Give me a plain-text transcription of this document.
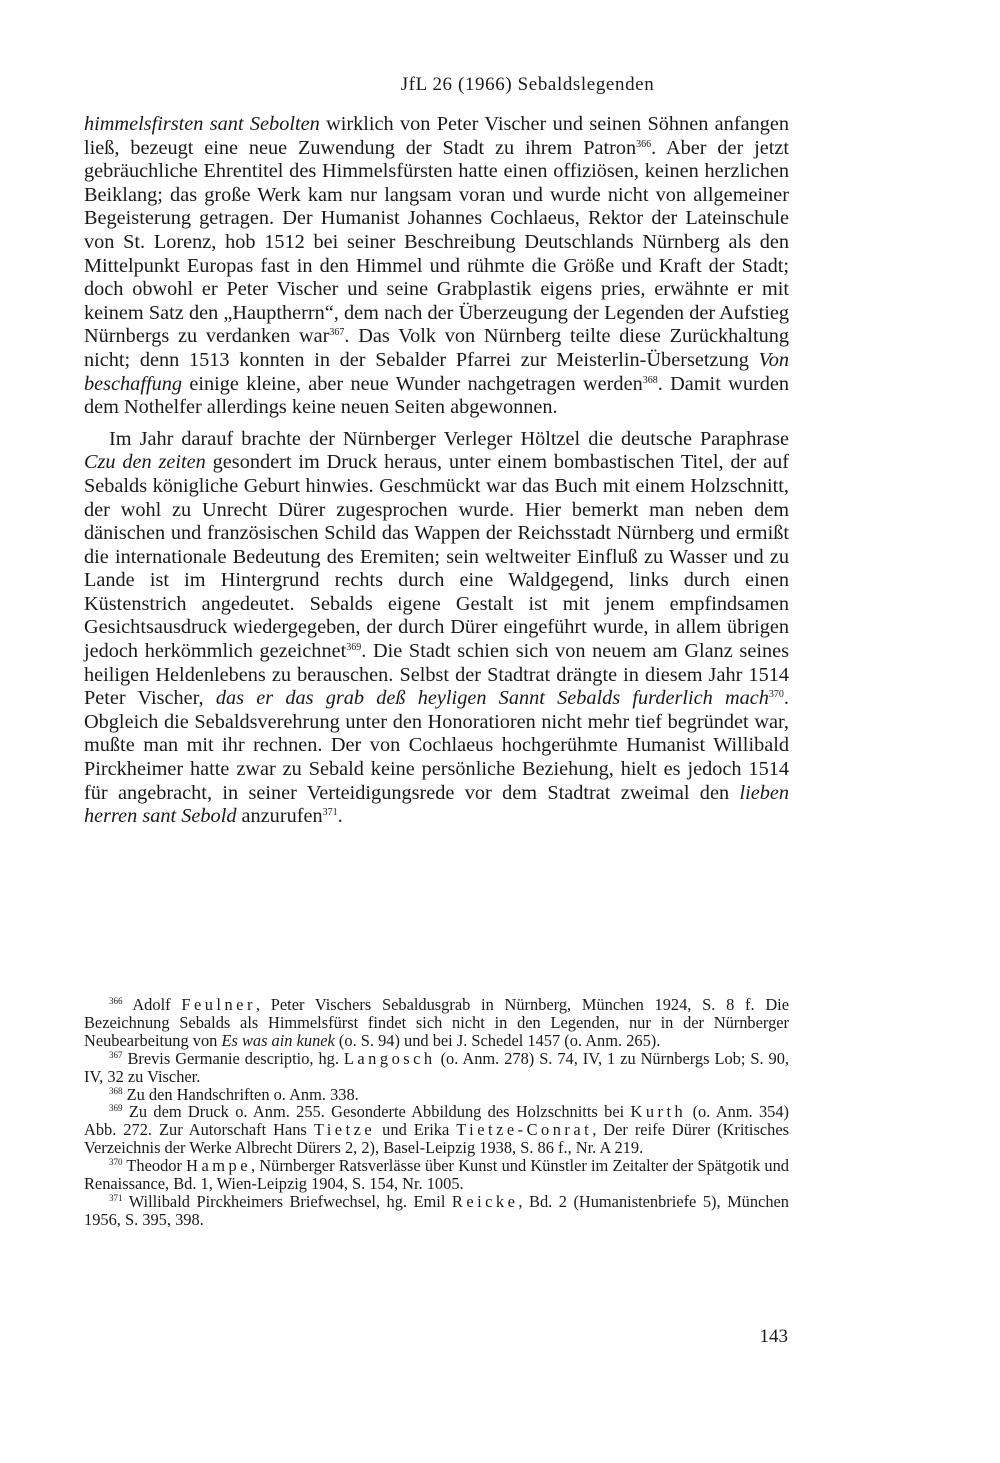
JfL 26 (1966) Sebaldslegenden

himmelsfirsten sant Sebolten wirklich von Peter Vischer und seinen Söhnen anfangen ließ, bezeugt eine neue Zuwendung der Stadt zu ihrem Patron$^{366}$. Aber der jetzt gebräuchliche Ehrentitel des Himmelsfürsten hatte einen offiziösen, keinen herzlichen Beiklang; das große Werk kam nur langsam voran und wurde nicht von allgemeiner Begeisterung getragen. Der Humanist Johannes Cochlaeus, Rektor der Lateinschule von St. Lorenz, hob 1512 bei seiner Beschreibung Deutschlands Nürnberg als den Mittelpunkt Europas fast in den Himmel und rühmte die Größe und Kraft der Stadt; doch obwohl er Peter Vischer und seine Grabplastik eigens pries, erwähnte er mit keinem Satz den „Hauptherrn“, dem nach der Überzeugung der Legenden der Aufstieg Nürnbergs zu verdanken war$^{367}$. Das Volk von Nürnberg teilte diese Zurückhaltung nicht; denn 1513 konnten in der Sebalder Pfarrei zur Meisterlin-Übersetzung Von beschaffung einige kleine, aber neue Wunder nachgetragen werden$^{368}$. Damit wurden dem Nothelfer allerdings keine neuen Seiten abgewonnen.

Im Jahr darauf brachte der Nürnberger Verleger Höltzel die deutsche Paraphrase Czu den zeiten gesondert im Druck heraus, unter einem bombastischen Titel, der auf Sebalds königliche Geburt hinwies. Geschmückt war das Buch mit einem Holzschnitt, der wohl zu Unrecht Dürer zugesprochen wurde. Hier bemerkt man neben dem dänischen und französischen Schild das Wappen der Reichsstadt Nürnberg und ermißt die internationale Bedeutung des Eremiten; sein weltweiter Einfluß zu Wasser und zu Lande ist im Hintergrund rechts durch eine Waldgegend, links durch einen Küstenstrich angedeutet. Sebalds eigene Gestalt ist mit jenem empfindsamen Gesichtsausdruck wiedergegeben, der durch Dürer eingeführt wurde, in allem übrigen jedoch herkömmlich gezeichnet$^{369}$. Die Stadt schien sich von neuem am Glanz seines heiligen Heldenlebens zu berauschen. Selbst der Stadtrat drängte in diesem Jahr 1514 Peter Vischer, das er das grab deß heyligen Sannt Sebalds furderlich mach$^{370}$. Obgleich die Sebaldsverehrung unter den Honoratioren nicht mehr tief begründet war, mußte man mit ihr rechnen. Der von Cochlaeus hochgerühmte Humanist Willibald Pirckheimer hatte zwar zu Sebald keine persönliche Beziehung, hielt es jedoch 1514 für angebracht, in seiner Verteidigungsrede vor dem Stadtrat zweimal den lieben herren sant Sebold anzurufen$^{371}$.

$^{366}$ Adolf Feulner, Peter Vischers Sebaldusgrab in Nürnberg, München 1924, S. 8 f. Die Bezeichnung Sebalds als Himmelsfürst findet sich nicht in den Legenden, nur in der Nürnberger Neubearbeitung von Es was ain kunek (o. S. 94) und bei J. Schedel 1457 (o. Anm. 265).

$^{367}$ Brevis Germanie descriptio, hg. Langosch (o. Anm. 278) S. 74, IV, 1 zu Nürnbergs Lob; S. 90, IV, 32 zu Vischer.

$^{368}$ Zu den Handschriften o. Anm. 338.

$^{369}$ Zu dem Druck o. Anm. 255. Gesonderte Abbildung des Holzschnitts bei Kurth (o. Anm. 354) Abb. 272. Zur Autorschaft Hans Tietze und Erika Tietze-Conrat, Der reife Dürer (Kritisches Verzeichnis der Werke Albrecht Dürers 2, 2), Basel-Leipzig 1938, S. 86 f., Nr. A 219.

$^{370}$ Theodor Hampe, Nürnberger Ratsverlässe über Kunst und Künstler im Zeitalter der Spätgotik und Renaissance, Bd. 1, Wien-Leipzig 1904, S. 154, Nr. 1005.

$^{371}$ Willibald Pirckheimers Briefwechsel, hg. Emil Reicke, Bd. 2 (Humanistenbriefe 5), München 1956, S. 395, 398.

143
